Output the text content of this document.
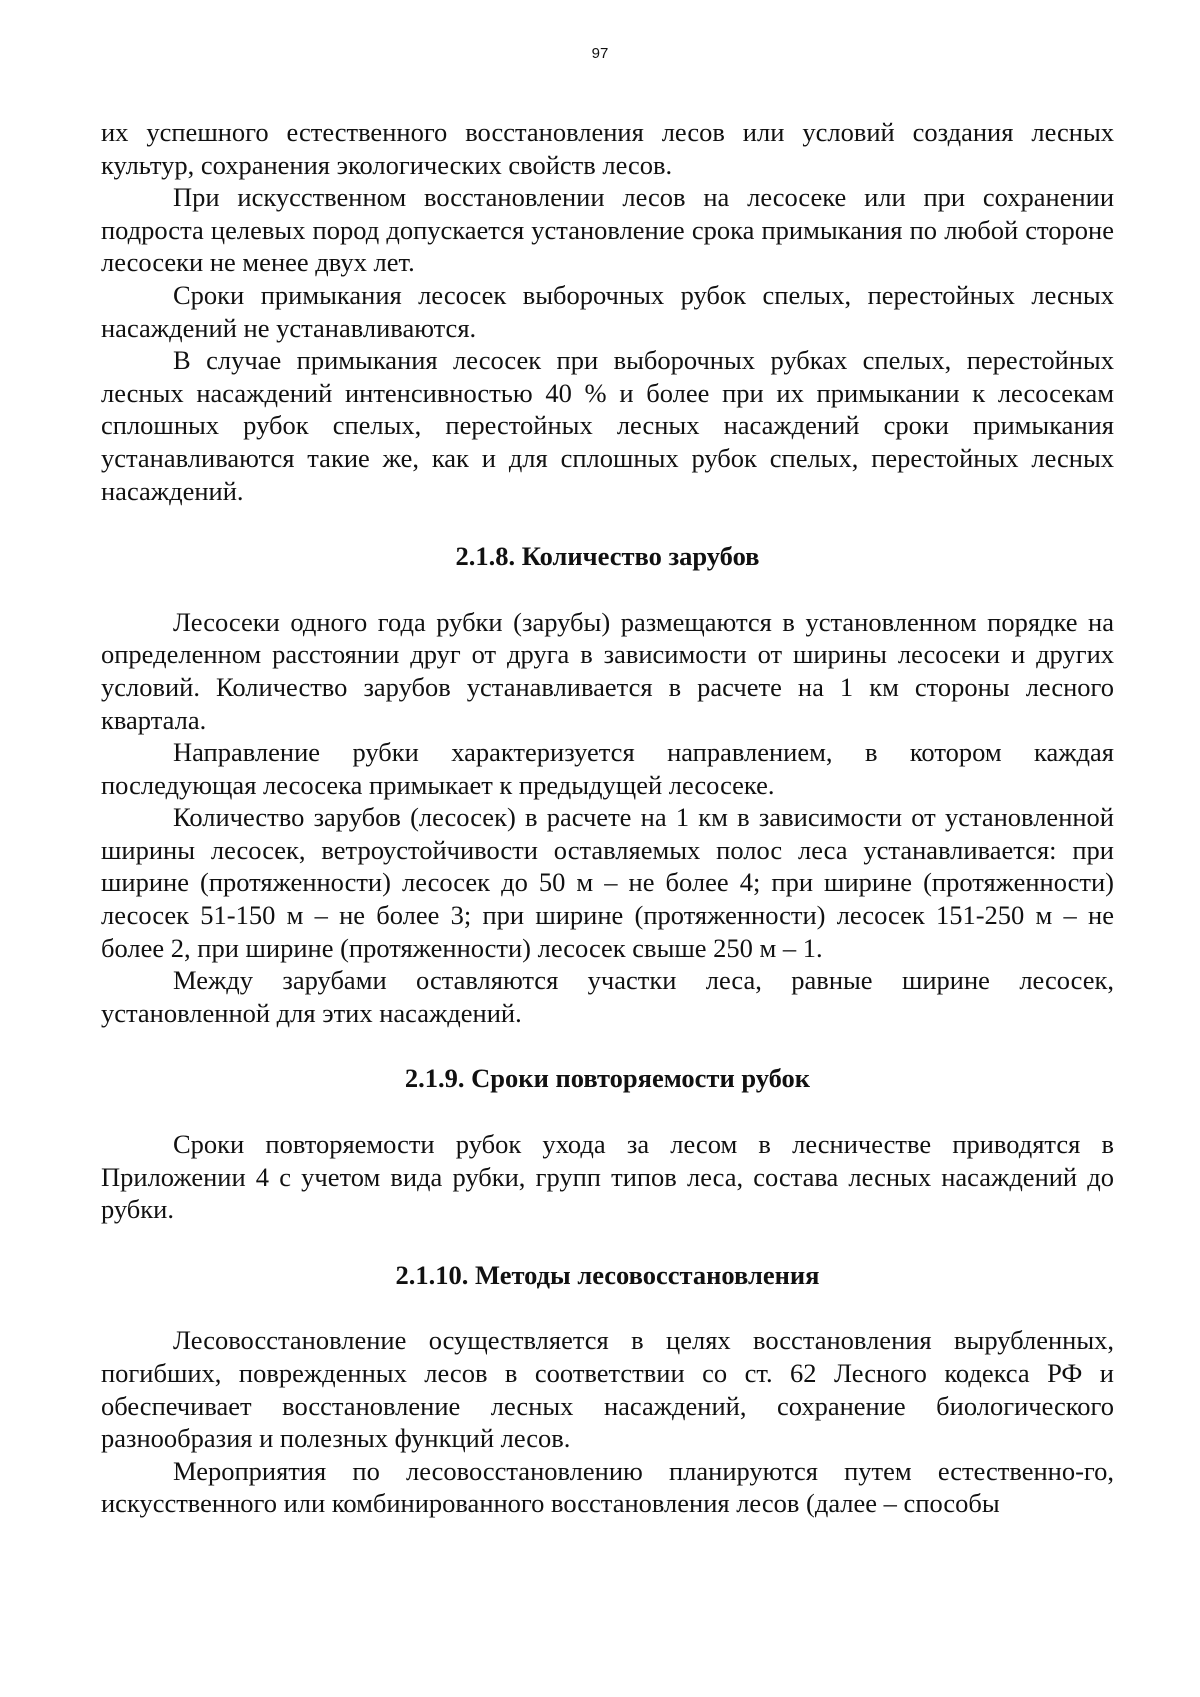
97

их успешного естественного восстановления лесов или условий создания лесных культур, сохранения экологических свойств лесов.

При искусственном восстановлении лесов на лесосеке или при сохранении подроста целевых пород допускается установление срока примыкания по любой стороне лесосеки не менее двух лет.

Сроки примыкания лесосек выборочных рубок спелых, перестойных лесных насаждений не устанавливаются.

В случае примыкания лесосек при выборочных рубках спелых, перестойных лесных насаждений интенсивностью 40 % и более при их примыкании к лесосекам сплошных рубок спелых, перестойных лесных насаждений сроки примыкания устанавливаются такие же, как и для сплошных рубок спелых, перестойных лесных насаждений.

2.1.8. Количество зарубов

Лесосеки одного года рубки (зарубы) размещаются в установленном порядке на определенном расстоянии друг от друга в зависимости от ширины лесосеки и других условий. Количество зарубов устанавливается в расчете на 1 км стороны лесного квартала.

Направление рубки характеризуется направлением, в котором каждая последующая лесосека примыкает к предыдущей лесосеке.

Количество зарубов (лесосек) в расчете на 1 км в зависимости от установленной ширины лесосек, ветроустойчивости оставляемых полос леса устанавливается: при ширине (протяженности) лесосек до 50 м – не более 4; при ширине (протяженности) лесосек 51-150 м – не более 3; при ширине (протяженности) лесосек 151-250 м – не более 2, при ширине (протяженности) лесосек свыше 250 м – 1.

Между зарубами оставляются участки леса, равные ширине лесосек, установленной для этих насаждений.

2.1.9. Сроки повторяемости рубок

Сроки повторяемости рубок ухода за лесом в лесничестве приводятся в Приложении 4 с учетом вида рубки, групп типов леса, состава лесных насаждений до рубки.

2.1.10. Методы лесовосстановления

Лесовосстановление осуществляется в целях восстановления вырубленных, погибших, поврежденных лесов в соответствии со ст. 62 Лесного кодекса РФ и обеспечивает восстановление лесных насаждений, сохранение биологического разнообразия и полезных функций лесов.

Мероприятия по лесовосстановлению планируются путем естественно-го, искусственного или комбинированного восстановления лесов (далее – способы
